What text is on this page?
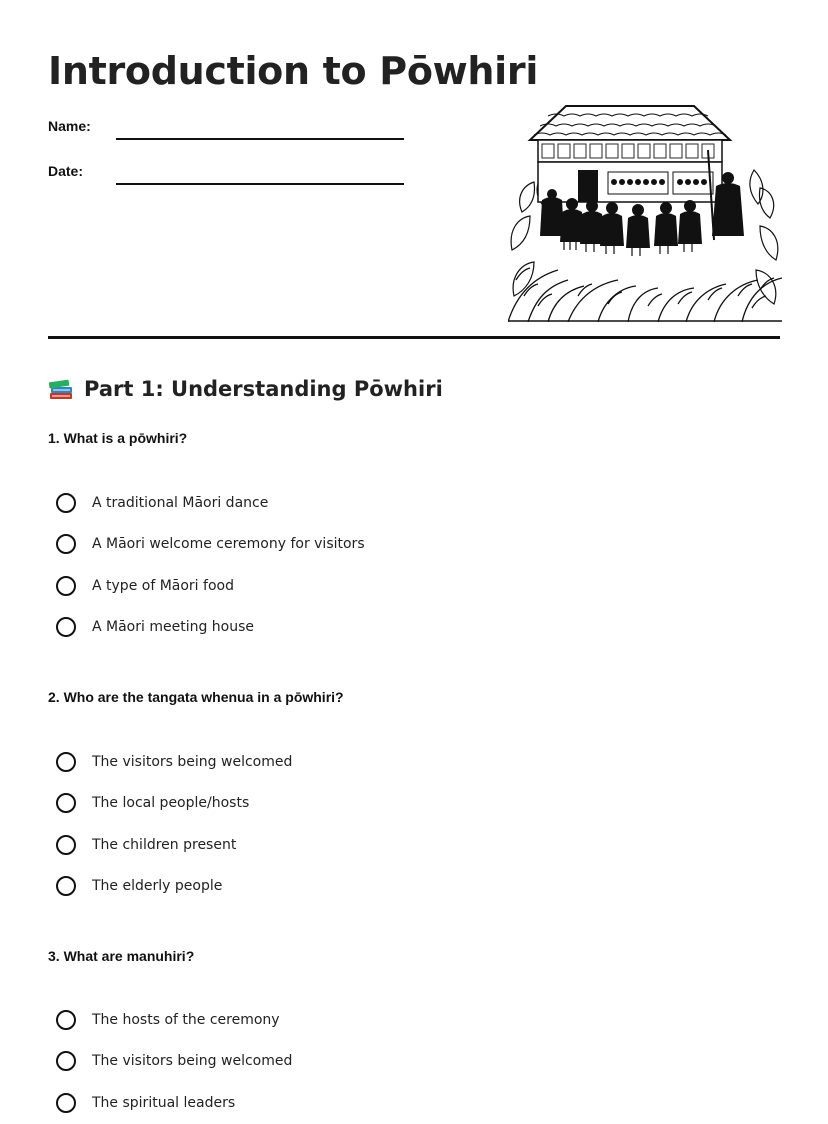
Introduction to Pōwhiri
Name:
Date:
Part 1: Understanding Pōwhiri

1. What is a pōwhiri?

A traditional Māori dance
A Māori welcome ceremony for visitors
A type of Māori food
A Māori meeting house

2. Who are the tangata whenua in a pōwhiri?

The visitors being welcomed
The local people/hosts
The children present
The elderly people

3. What are manuhiri?

The hosts of the ceremony
The visitors being welcomed
The spiritual leaders
